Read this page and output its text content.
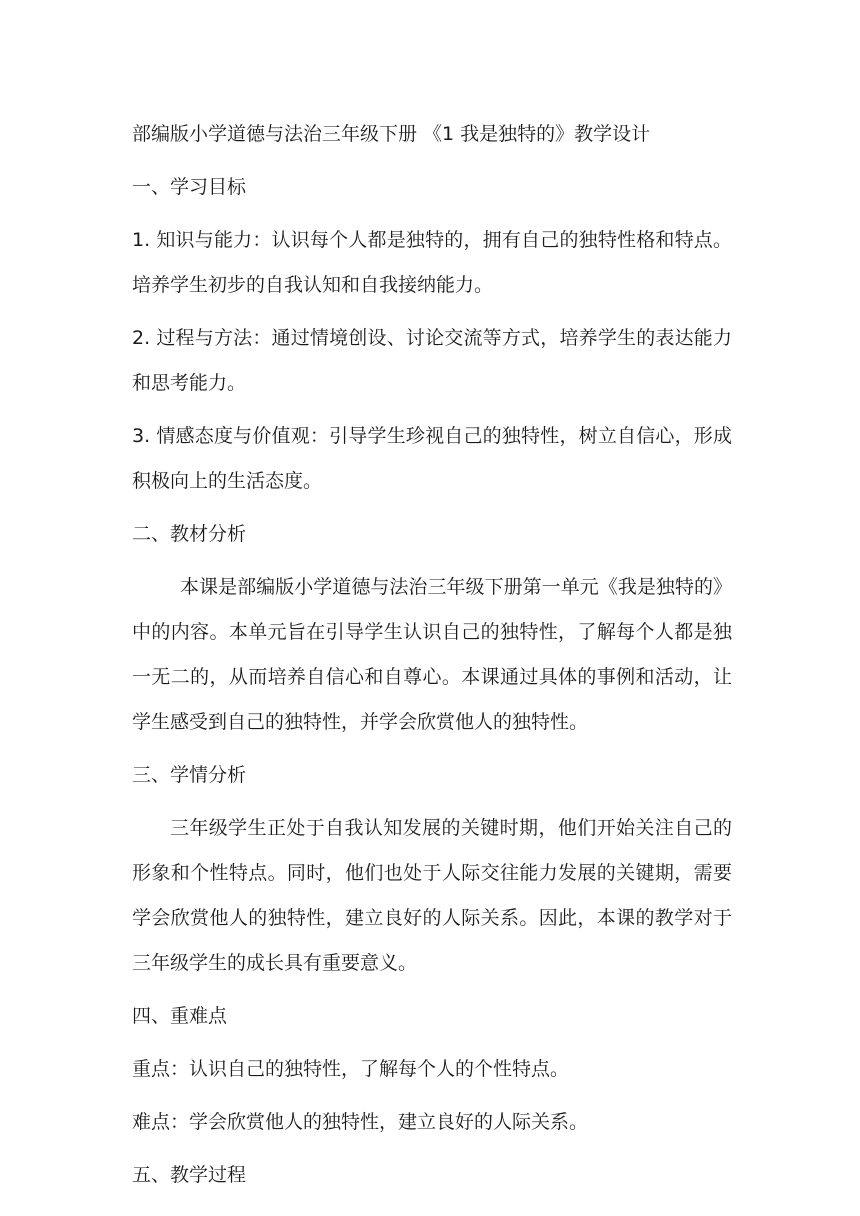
部编版小学道德与法治三年级下册 《1 我是独特的》教学设计

一、学习目标

1. 知识与能力：认识每个人都是独特的，拥有自己的独特性格和特点。培养学生初步的自我认知和自我接纳能力。

2. 过程与方法：通过情境创设、讨论交流等方式，培养学生的表达能力和思考能力。

3. 情感态度与价值观：引导学生珍视自己的独特性，树立自信心，形成积极向上的生活态度。

二、教材分析

本课是部编版小学道德与法治三年级下册第一单元《我是独特的》中的内容。本单元旨在引导学生认识自己的独特性，了解每个人都是独一无二的，从而培养自信心和自尊心。本课通过具体的事例和活动，让学生感受到自己的独特性，并学会欣赏他人的独特性。

三、学情分析

三年级学生正处于自我认知发展的关键时期，他们开始关注自己的形象和个性特点。同时，他们也处于人际交往能力发展的关键期，需要学会欣赏他人的独特性，建立良好的人际关系。因此，本课的教学对于三年级学生的成长具有重要意义。

四、重难点

重点：认识自己的独特性，了解每个人的个性特点。

难点：学会欣赏他人的独特性，建立良好的人际关系。

五、教学过程
